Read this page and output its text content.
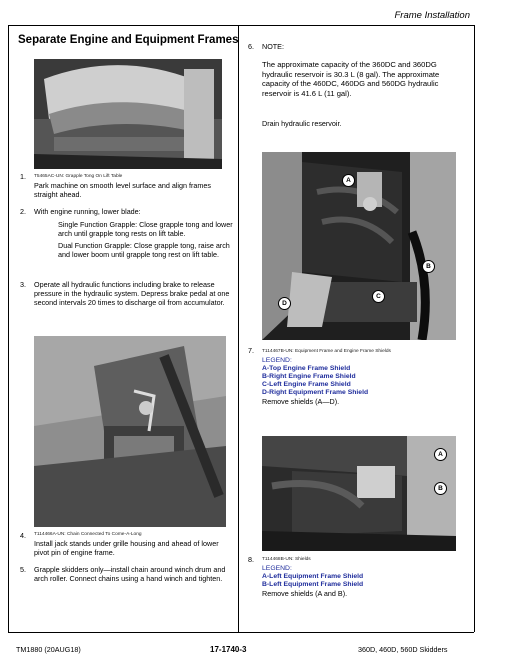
Frame Installation
Separate Engine and Equipment Frames
1. T5465AC-UN: Grapple Tong On Lift Table
Park machine on smooth level surface and align frames straight ahead.
2. With engine running, lower blade:
Single Function Grapple: Close grapple tong and lower arch until grapple tong rests on lift table.
Dual Function Grapple: Close grapple tong, raise arch and lower boom until grapple tong rest on lift table.
3. Operate all hydraulic functions including brake to release pressure in the hydraulic system. Depress brake pedal at one second intervals 20 times to discharge oil from accumulator.
4. T114466A-UN: Chain Connected To Come-A-Long
Install jack stands under grille housing and ahead of lower pivot pin of engine frame.
5. Grapple skidders only—install chain around winch drum and arch roller. Connect chains using a hand winch and tighten.
6. NOTE:
The approximate capacity of the 360DC and 360DG hydraulic reservoir is 30.3 L (8 gal). The approximate capacity of the 460DC, 460DG and 560DG hydraulic reservoir is 41.6 L (11 gal).
Drain hydraulic reservoir.
A
B
C
D
7. T114467B-UN: Equipment Frame and Engine Frame Shields
LEGEND:
A-Top Engine Frame Shield
B-Right Engine Frame Shield
C-Left Engine Frame Shield
D-Right Equipment Frame Shield
Remove shields (A—D).
A
B
8. T114468B-UN: Shields
LEGEND:
A-Left Equipment Frame Shield
B-Left Equipment Frame Shield
Remove shields (A and B).
TM1880 (20AUG18)	17-1740-3	360D, 460D, 560D Skidders
